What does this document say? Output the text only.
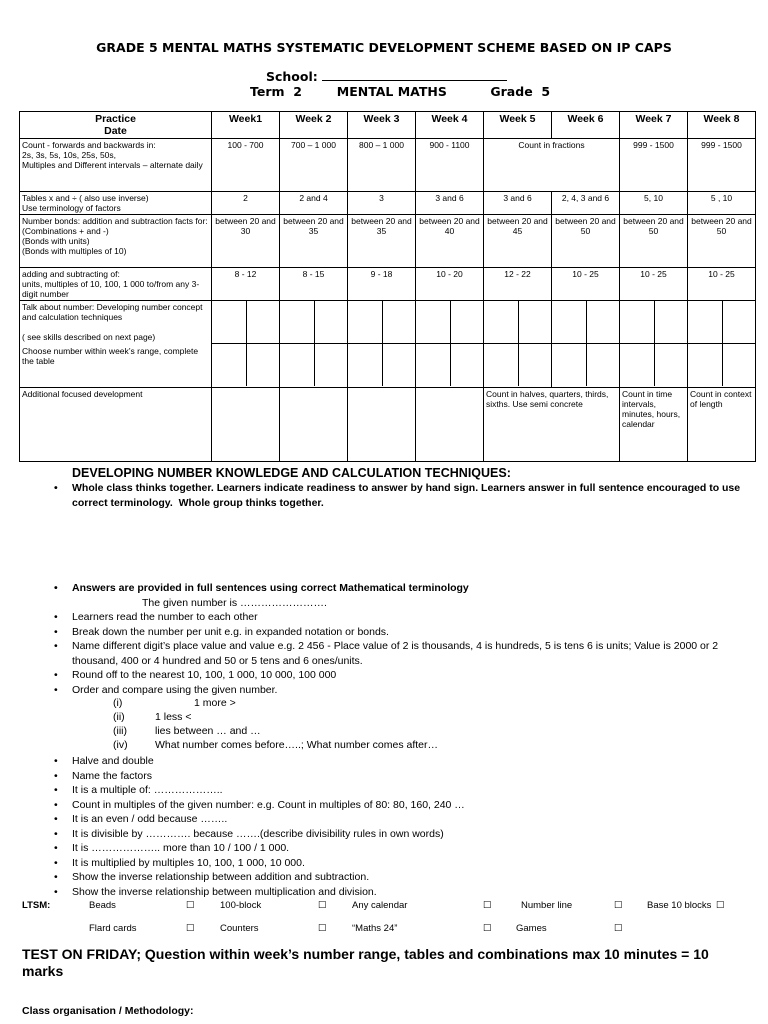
GRADE 5 MENTAL MATHS SYSTEMATIC DEVELOPMENT SCHEME BASED ON IP CAPS
School:
Term  2        MENTAL MATHS          Grade  5
Practice
Date	Week1	Week 2	Week 3	Week 4	Week 5	Week 6	Week 7	Week 8
Count - forwards and backwards in:
2s, 3s, 5s, 10s, 25s, 50s,
Multiples and Different intervals – alternate daily	100 - 700	700 – 1 000	800 – 1 000	900 - 1100	Count in fractions		999 - 1500	999 - 1500
Tables x and ÷ ( also use inverse)
Use terminology of factors	2	2 and 4	3	3 and 6	3 and 6	2, 4, 3 and 6	5, 10	5 , 10
Number bonds: addition and subtraction facts for: (Combinations + and -)
(Bonds with units)
(Bonds with multiples of 10)	between 20 and 30	between 20 and 35	between 20 and 35	between 20 and 40	between 20 and 45	between 20 and 50	between 20 and 50	between 20 and 50
adding and subtracting of:
units, multiples of 10, 100, 1 000 to/from any 3-digit number	8 - 12	8 - 15	9 - 18	10 - 20	12 - 22	10 - 25	10 - 25	10 - 25

Talk about number: Developing number concept and calculation techniques

( see skills described on next page)
Choose number within week’s range, complete the table								

Additional focused development					Count in halves, quarters, thirds, sixths. Use semi concrete		Count in time intervals, minutes, hours, calendar	Count in context of length
DEVELOPING NUMBER KNOWLEDGE AND CALCULATION TECHNIQUES:
• Whole class thinks together. Learners indicate readiness to answer by hand sign. Learners answer in full sentence encouraged to use correct terminology. Whole group thinks together.
• Answers are provided in full sentences using correct Mathematical terminology
The given number is …………………….
• Learners read the number to each other
• Break down the number per unit e.g. in expanded notation or bonds.
• Name different digit’s place value and value e.g. 2 456 - Place value of 2 is thousands, 4 is hundreds, 5 is tens 6 is units; Value is 2000 or 2 thousand, 400 or 4 hundred and 50 or 5 tens and 6 ones/units.
• Round off to the nearest 10, 100, 1 000, 10 000, 100 000
• Order and compare using the given number.
(i)	1 more >
(ii)	1 less <
(iii)	lies between … and …
(iv)	What number comes before…..; What number comes after…
• Halve and double
• Name the factors
• It is a multiple of: ………………..
• Count in multiples of the given number: e.g. Count in multiples of 80: 80, 160, 240 …
• It is an even / odd because ……..
• It is divisible by …………. because …….(describe divisibility rules in own words)
• It is ……………….. more than 10 / 100 / 1 000.
• It is multiplied by multiples 10, 100, 1 000, 10 000.
• Show the inverse relationship between addition and subtraction.
• Show the inverse relationship between multiplication and division.
LTSM:	Beads	☐	100-block	☐	Any calendar	☐	Number line	☐	Base 10 blocks ☐
Flard cards	☐	Counters	☐	“Maths 24”	☐	Games	☐
TEST ON FRIDAY; Question within week’s number range, tables and combinations max 10 minutes = 10 marks
Class organisation / Methodology:
